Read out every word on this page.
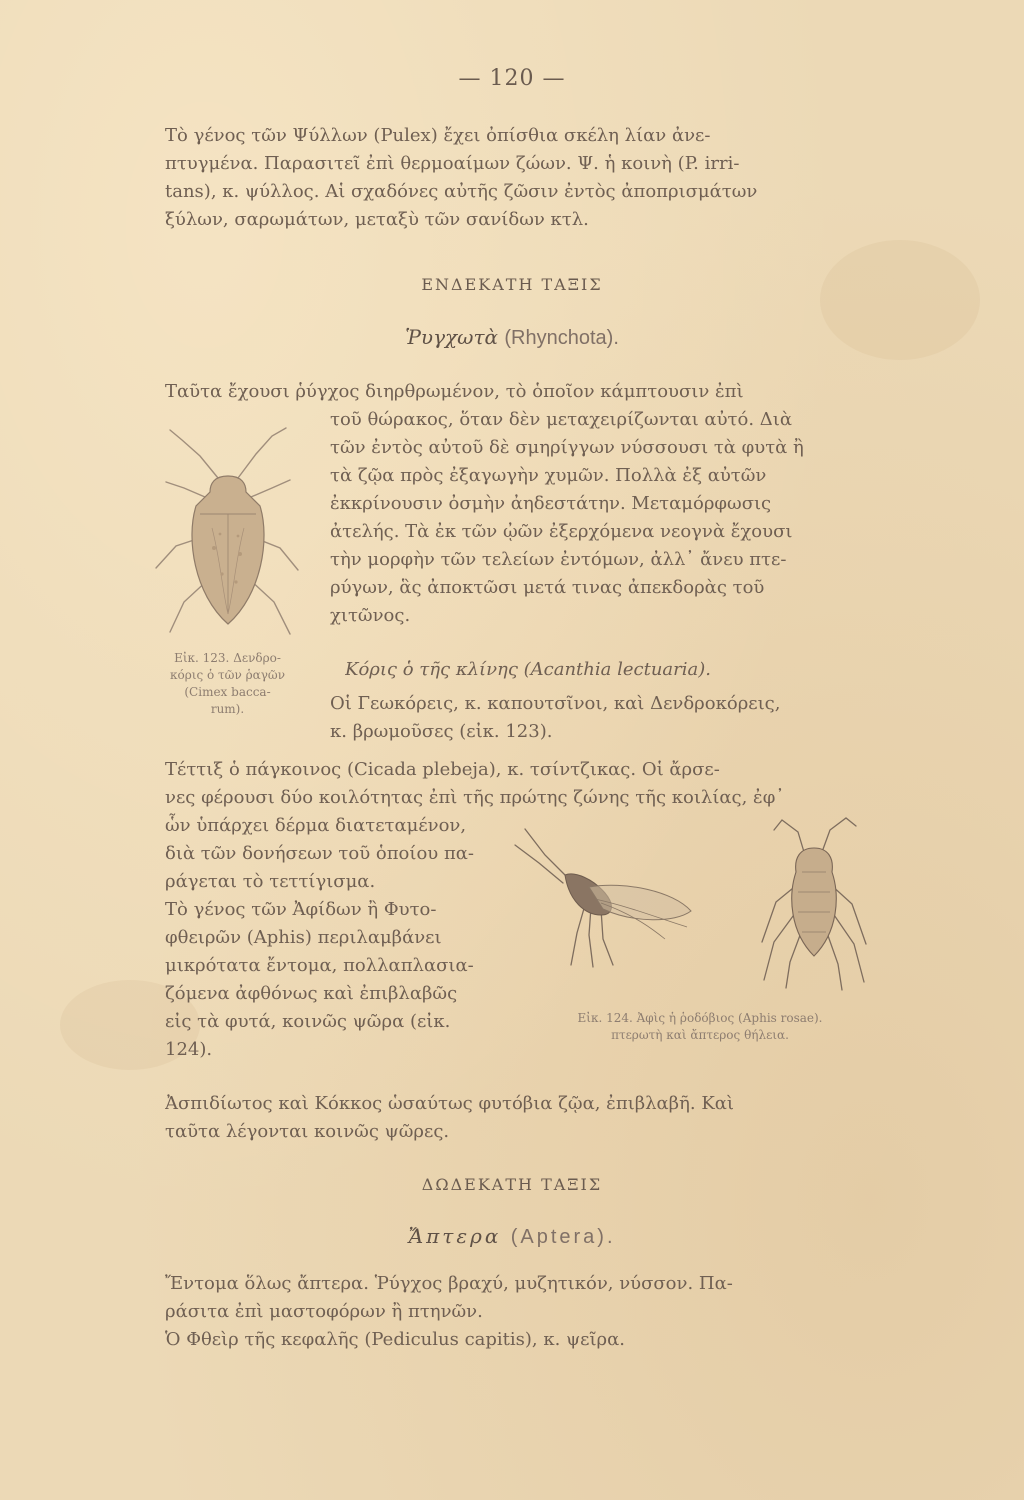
— 120 —
Τὸ γένος τῶν Ψύλλων (Pulex) ἔχει ὀπίσθια σκέλη λίαν ἀνε-
πτυγμένα. Παρασιτεῖ ἐπὶ θερμοαίμων ζώων. Ψ. ἡ κοινὴ (P. irri-
tans), κ. ψύλλος. Αἱ σχαδόνες αὐτῆς ζῶσιν ἐντὸς ἀποπρισμάτων
ξύλων, σαρωμάτων, μεταξὺ τῶν σανίδων κτλ.
ΕΝΔΕΚΑΤΗ ΤΑΞΙΣ
Ῥυγχωτὰ (Rhynchota).
Ταῦτα ἔχουσι ῥύγχος διηρθρωμένον, τὸ ὁποῖον κάμπτουσιν ἐπὶ
τοῦ θώρακος, ὅταν δὲν μεταχειρίζωνται αὐτό. Διὰ
τῶν ἐντὸς αὐτοῦ δὲ σμηρίγγων νύσσουσι τὰ φυτὰ ἢ
τὰ ζῷα πρὸς ἐξαγωγὴν χυμῶν. Πολλὰ ἐξ αὐτῶν
ἐκκρίνουσιν ὀσμὴν ἀηδεστάτην. Μεταμόρφωσις
ἀτελής. Τὰ ἐκ τῶν ᾠῶν ἐξερχόμενα νεογνὰ ἔχουσι
τὴν μορφὴν τῶν τελείων ἐντόμων, ἀλλ᾽ ἄνευ πτε-
ρύγων, ἃς ἀποκτῶσι μετά τινας ἀπεκδορὰς τοῦ
χιτῶνος.
Κόρις ὁ τῆς κλίνης (Acanthia lectuaria).
Οἱ Γεωκόρεις, κ. καπουτσῖνοι, καὶ Δενδροκόρεις,
κ. βρωμοῦσες (εἰκ. 123).
Εἰκ. 123. Δενδρο-
κόρις ὁ τῶν ῥαγῶν
(Cimex bacca-
rum).
Τέττιξ ὁ πάγκοινος (Cicada plebeja), κ. τσίντζικας. Οἱ ἄρσε-
νες φέρουσι δύο κοιλότητας ἐπὶ τῆς πρώτης ζώνης τῆς κοιλίας, ἐφ᾽
ὧν ὑπάρχει δέρμα διατεταμένον,
διὰ τῶν δονήσεων τοῦ ὁποίου πα-
ράγεται τὸ τεττίγισμα.
Τὸ γένος τῶν Ἀφίδων ἢ Φυτο-
φθειρῶν (Aphis) περιλαμβάνει
μικρότατα ἔντομα, πολλαπλασια-
ζόμενα ἀφθόνως καὶ ἐπιβλαβῶς
εἰς τὰ φυτά, κοινῶς ψῶρα (εἰκ.
124).
Εἰκ. 124. Ἀφὶς ἡ ῥοδόβιος (Aphis rosae).
πτερωτὴ καὶ ἄπτερος θήλεια.
Ἀσπιδίωτος καὶ Κόκκος ὡσαύτως φυτόβια ζῷα, ἐπιβλαβῆ. Καὶ
ταῦτα λέγονται κοινῶς ψῶρες.
ΔΩΔΕΚΑΤΗ ΤΑΞΙΣ
Ἄπτερα (Aptera).
Ἔντομα ὅλως ἄπτερα. Ῥύγχος βραχύ, μυζητικόν, νύσσον. Πα-
ράσιτα ἐπὶ μαστοφόρων ἢ πτηνῶν.
Ὁ Φθεὶρ τῆς κεφαλῆς (Pediculus capitis), κ. ψεῖρα.
